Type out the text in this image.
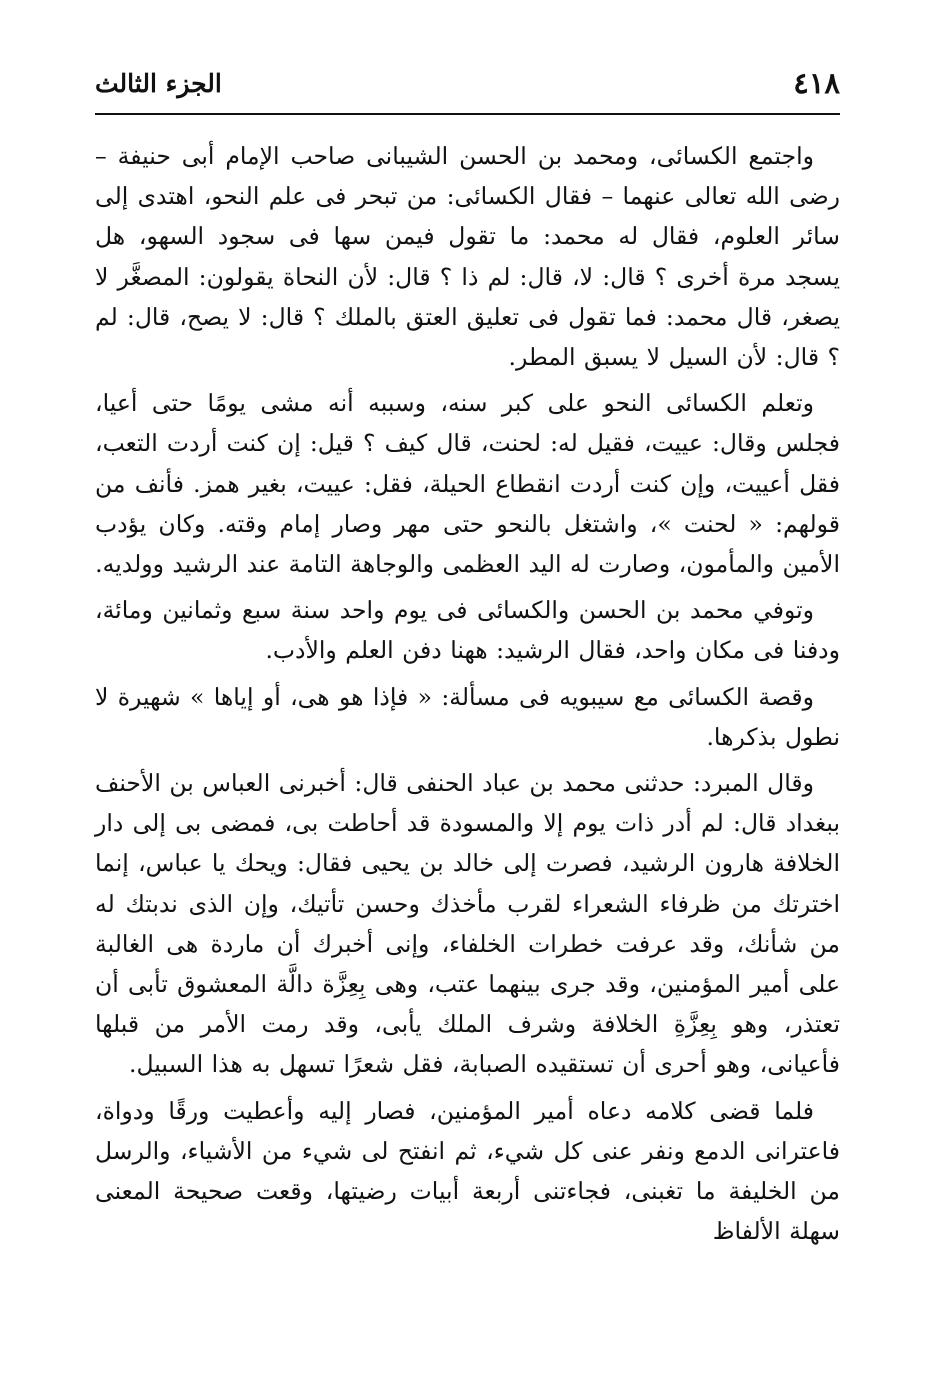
٤١٨
الجزء الثالث

واجتمع الكسائى، ومحمد بن الحسن الشيبانى صاحب الإمام أبى حنيفة – رضى الله تعالى عنهما – فقال الكسائى: من تبحر فى علم النحو، اهتدى إلى سائر العلوم، فقال له محمد: ما تقول فيمن سها فى سجود السهو، هل يسجد مرة أخرى ؟ قال: لا، قال: لم ذا ؟ قال: لأن النحاة يقولون: المصغَّر لا يصغر، قال محمد: فما تقول فى تعليق العتق بالملك ؟ قال: لا يصح، قال: لم ؟ قال: لأن السيل لا يسبق المطر.

وتعلم الكسائى النحو على كبر سنه، وسببه أنه مشى يومًا حتى أعيا، فجلس وقال: عييت، فقيل له: لحنت، قال كيف ؟ قيل: إن كنت أردت التعب، فقل أعييت، وإن كنت أردت انقطاع الحيلة، فقل: عييت، بغير همز. فأنف من قولهم: « لحنت »، واشتغل بالنحو حتى مهر وصار إمام وقته. وكان يؤدب الأمين والمأمون، وصارت له اليد العظمى والوجاهة التامة عند الرشيد وولديه.

وتوفي محمد بن الحسن والكسائى فى يوم واحد سنة سبع وثمانين ومائة، ودفنا فى مكان واحد، فقال الرشيد: ههنا دفن العلم والأدب.

وقصة الكسائى مع سيبويه فى مسألة: « فإذا هو هى، أو إياها » شهيرة لا نطول بذكرها.

وقال المبرد: حدثنى محمد بن عباد الحنفى قال: أخبرنى العباس بن الأحنف ببغداد قال: لم أدر ذات يوم إلا والمسودة قد أحاطت بى، فمضى بى إلى دار الخلافة هارون الرشيد، فصرت إلى خالد بن يحيى فقال: ويحك يا عباس، إنما اخترتك من ظرفاء الشعراء لقرب مأخذك وحسن تأتيك، وإن الذى ندبتك له من شأنك، وقد عرفت خطرات الخلفاء، وإنى أخبرك أن ماردة هى الغالبة على أمير المؤمنين، وقد جرى بينهما عتب، وهى بِعِزَّة دالَّة المعشوق تأبى أن تعتذر، وهو بِعِزَّةِ الخلافة وشرف الملك يأبى، وقد رمت الأمر من قبلها فأعيانى، وهو أحرى أن تستقيده الصبابة، فقل شعرًا تسهل به هذا السبيل.

فلما قضى كلامه دعاه أمير المؤمنين، فصار إليه وأعطيت ورقًا ودواة، فاعترانى الدمع ونفر عنى كل شيء، ثم انفتح لى شيء من الأشياء، والرسل من الخليفة ما تغبنى، فجاءتنى أربعة أبيات رضيتها، وقعت صحيحة المعنى سهلة الألفاظ
